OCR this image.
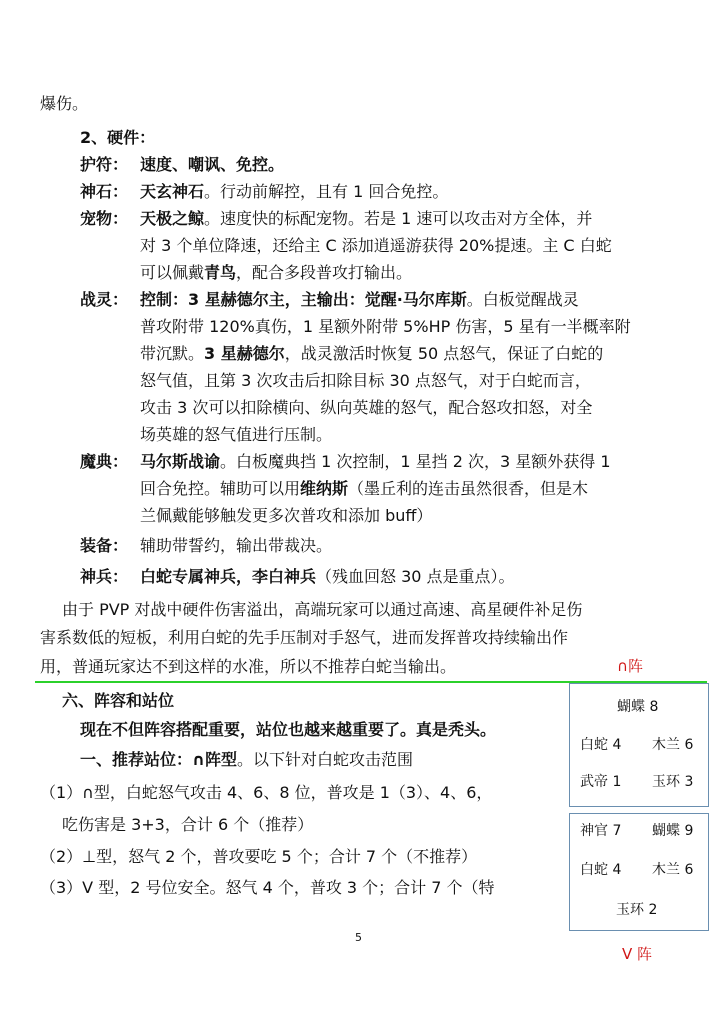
爆伤。
2、硬件：
护符： 速度、嘲讽、免控。
神石： 天玄神石。行动前解控，且有 1 回合免控。
宠物： 天极之鲸。速度快的标配宠物。若是 1 速可以攻击对方全体，并
对 3 个单位降速，还给主 C 添加逍遥游获得 20%提速。主 C 白蛇
可以佩戴青鸟，配合多段普攻打输出。
战灵： 控制：3 星赫德尔主，主输出：觉醒·马尔库斯。白板觉醒战灵
普攻附带 120%真伤，1 星额外附带 5%HP 伤害，5 星有一半概率附
带沉默。3 星赫德尔，战灵激活时恢复 50 点怒气，保证了白蛇的
怒气值，且第 3 次攻击后扣除目标 30 点怒气，对于白蛇而言，
攻击 3 次可以扣除横向、纵向英雄的怒气，配合怒攻扣怒，对全
场英雄的怒气值进行压制。
魔典： 马尔斯战谕。白板魔典挡 1 次控制，1 星挡 2 次，3 星额外获得 1
回合免控。辅助可以用维纳斯（墨丘利的连击虽然很香，但是木
兰佩戴能够触发更多次普攻和添加 buff）
装备： 辅助带誓约，输出带裁决。
神兵： 白蛇专属神兵，李白神兵（残血回怒 30 点是重点）。
由于 PVP 对战中硬件伤害溢出，高端玩家可以通过高速、高星硬件补足伤
害系数低的短板，利用白蛇的先手压制对手怒气，进而发挥普攻持续输出作
用，普通玩家达不到这样的水准，所以不推荐白蛇当输出。
六、阵容和站位
现在不但阵容搭配重要，站位也越来越重要了。真是秃头。
一、推荐站位：∩阵型。以下针对白蛇攻击范围
（1）∩型，白蛇怒气攻击 4、6、8 位，普攻是 1（3）、4、6，
吃伤害是 3+3，合计 6 个（推荐）
（2）⊥型，怒气 2 个，普攻要吃 5 个；合计 7 个（不推荐）
（3）V 型，2 号位安全。怒气 4 个，普攻 3 个；合计 7 个（特
∩阵
蝴蝶 8
白蛇 4 木兰 6
武帝 1 玉环 3
神官 7 蝴蝶 9
白蛇 4 木兰 6
玉环 2
V 阵
5
